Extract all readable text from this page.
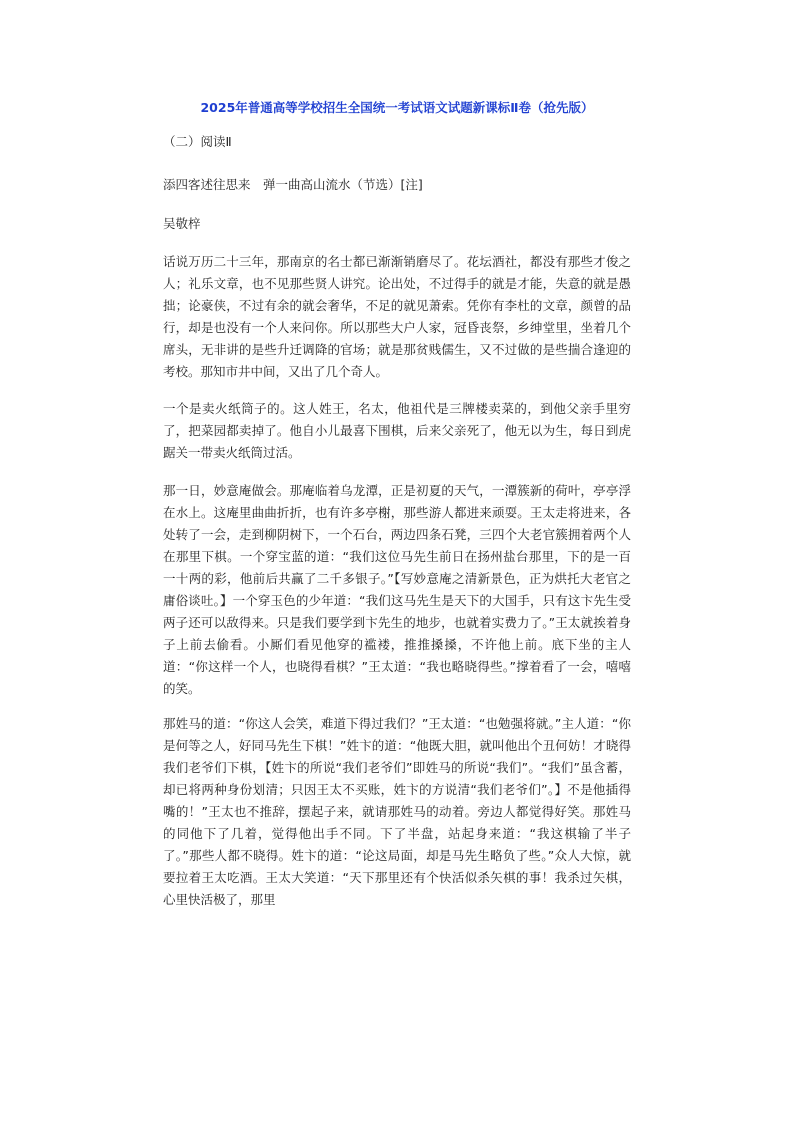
2025年普通高等学校招生全国统一考试语文试题新课标Ⅱ卷（抢先版）
（二）阅读Ⅱ
添四客述往思来　弹一曲高山流水（节选）[注]
吴敬梓

话说万历二十三年，那南京的名士都已渐渐销磨尽了。花坛酒社，都没有那些才俊之人；礼乐文章，也不见那些贤人讲究。论出处，不过得手的就是才能，失意的就是愚拙；论豪侠，不过有余的就会奢华，不足的就见萧索。凭你有李杜的文章，颜曾的品行，却是也没有一个人来问你。所以那些大户人家，冠昏丧祭，乡绅堂里，坐着几个席头，无非讲的是些升迁调降的官场；就是那贫贱儒生，又不过做的是些揣合逢迎的考校。那知市井中间，又出了几个奇人。

一个是卖火纸筒子的。这人姓王，名太，他祖代是三牌楼卖菜的，到他父亲手里穷了，把菜园都卖掉了。他自小儿最喜下围棋，后来父亲死了，他无以为生，每日到虎踞关一带卖火纸筒过活。

那一日，妙意庵做会。那庵临着乌龙潭，正是初夏的天气，一潭簇新的荷叶，亭亭浮在水上。这庵里曲曲折折，也有许多亭榭，那些游人都进来顽耍。王太走将进来，各处转了一会，走到柳阴树下，一个石台，两边四条石凳，三四个大老官簇拥着两个人在那里下棋。一个穿宝蓝的道：“我们这位马先生前日在扬州盐台那里，下的是一百一十两的彩，他前后共赢了二千多银子。”【写妙意庵之清新景色，正为烘托大老官之庸俗谈吐。】一个穿玉色的少年道：“我们这马先生是天下的大国手，只有这卞先生受两子还可以敌得来。只是我们要学到卞先生的地步，也就着实费力了。”王太就挨着身子上前去偷看。小厮们看见他穿的褴褛，推推搡搡，不许他上前。底下坐的主人道：“你这样一个人，也晓得看棋？”王太道：“我也略晓得些。”撑着看了一会，嘻嘻的笑。

那姓马的道：“你这人会笑，难道下得过我们？”王太道：“也勉强将就。”主人道：“你是何等之人，好同马先生下棋！”姓卞的道：“他既大胆，就叫他出个丑何妨！才晓得我们老爷们下棋，【姓卞的所说“我们老爷们”即姓马的所说“我们”。“我们”虽含蓄，却已将两种身份划清；只因王太不买账，姓卞的方说清“我们老爷们”。】不是他插得嘴的！”王太也不推辞，摆起子来，就请那姓马的动着。旁边人都觉得好笑。那姓马的同他下了几着，觉得他出手不同。下了半盘，站起身来道：“我这棋输了半子了。”那些人都不晓得。姓卞的道：“论这局面，却是马先生略负了些。”众人大惊，就要拉着王太吃酒。王太大笑道：“天下那里还有个快活似杀矢棋的事！我杀过矢棋，心里快活极了，那里
